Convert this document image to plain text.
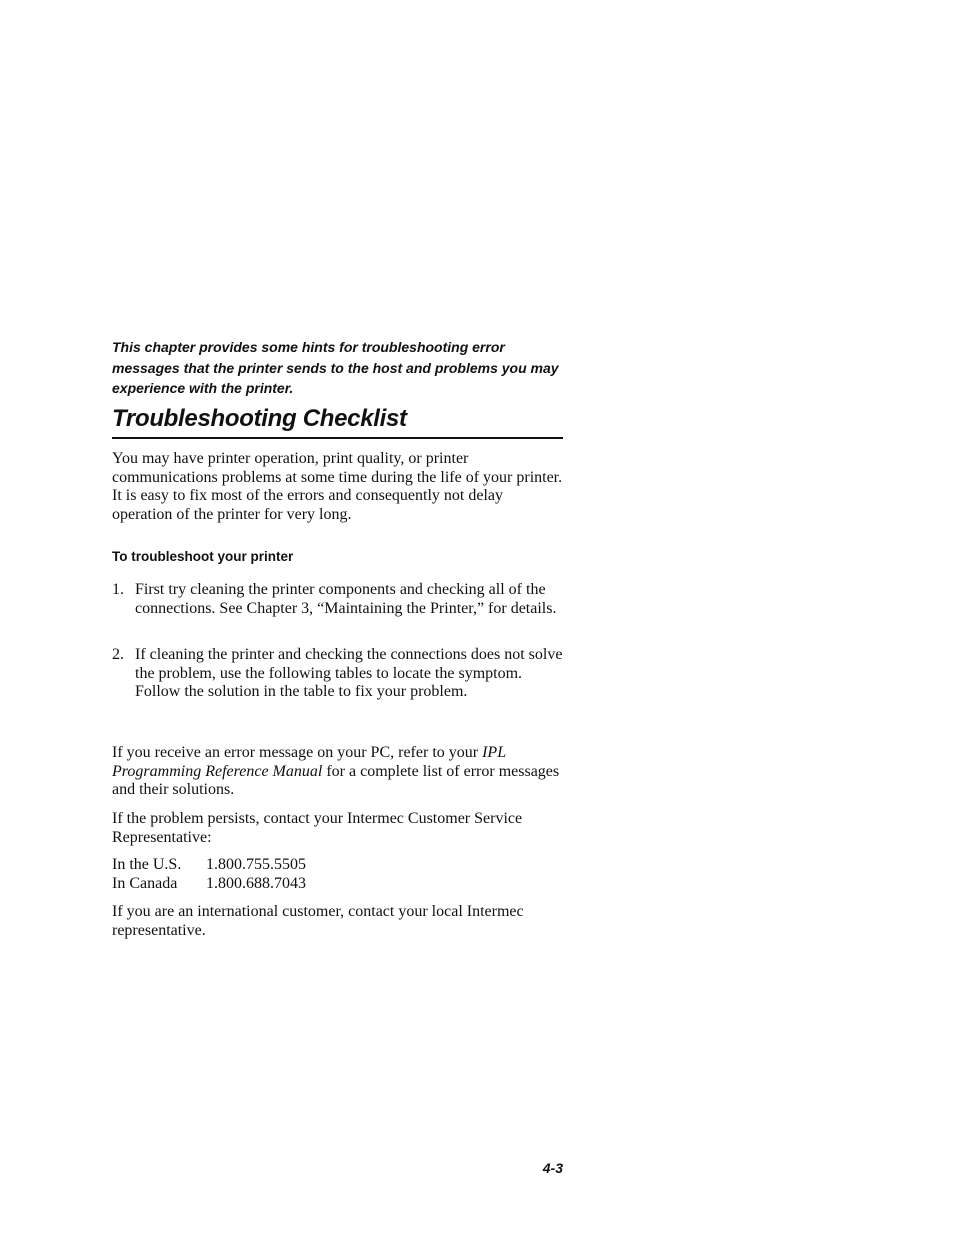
This chapter provides some hints for troubleshooting error messages that the printer sends to the host and problems you may experience with the printer.
Troubleshooting Checklist
You may have printer operation, print quality, or printer communications problems at some time during the life of your printer. It is easy to fix most of the errors and consequently not delay operation of the printer for very long.
To troubleshoot your printer
1. First try cleaning the printer components and checking all of the connections. See Chapter 3, “Maintaining the Printer,” for details.
2. If cleaning the printer and checking the connections does not solve the problem, use the following tables to locate the symptom. Follow the solution in the table to fix your problem.
If you receive an error message on your PC, refer to your IPL Programming Reference Manual for a complete list of error messages and their solutions.
If the problem persists, contact your Intermec Customer Service Representative:
In the U.S. 1.800.755.5505
In Canada 1.800.688.7043
If you are an international customer, contact your local Intermec representative.
4-3
